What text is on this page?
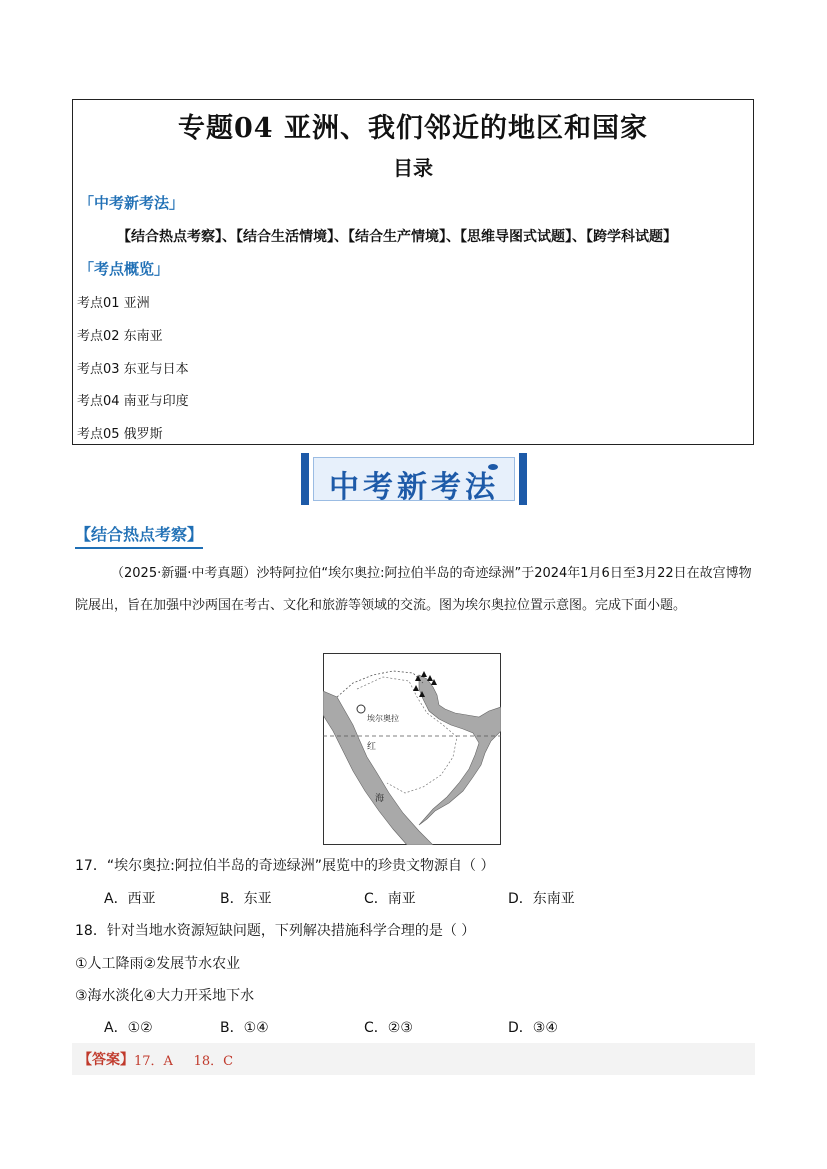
专题04 亚洲、我们邻近的地区和国家
目录
「中考新考法」
【结合热点考察】、【结合生活情境】、【结合生产情境】、【思维导图式试题】、【跨学科试题】
「考点概览」
考点01 亚洲
考点02 东南亚
考点03 东亚与日本
考点04 南亚与印度
考点05 俄罗斯
中考新考法
【结合热点考察】
（2025·新疆·中考真题）沙特阿拉伯“埃尔奥拉:阿拉伯半岛的奇迹绿洲”于2024年1月6日至3月22日在故宫博物院展出，旨在加强中沙两国在考古、文化和旅游等领域的交流。图为埃尔奥拉位置示意图。完成下面小题。
埃尔奥拉
红
海
17．“埃尔奥拉:阿拉伯半岛的奇迹绿洲”展览中的珍贵文物源自（ ）
A．西亚	B．东亚	C．南亚	D．东南亚
18．针对当地水资源短缺问题，下列解决措施科学合理的是（ ）
①人工降雨②发展节水农业
③海水淡化④大力开采地下水
A．①②	B．①④	C．②③	D．③④
【答案】 17．A     18．C
